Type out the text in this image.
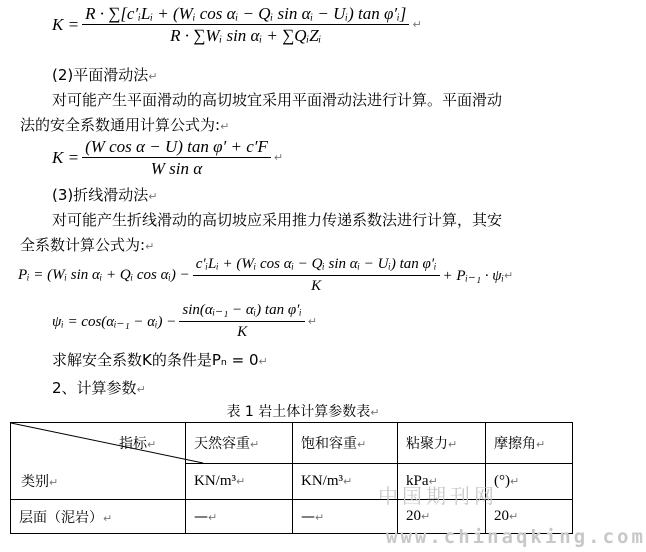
$K = \frac{\text{R · ∑[c′ᵢLᵢ + (Wᵢ cos αᵢ − Qᵢ sin αᵢ − Uᵢ) tan φ′ᵢ]}}{\text{R · ∑Wᵢ sin αᵢ + ∑QᵢZᵢ}}$ ↵
(2)平面滑动法↵
对可能产生平面滑动的高切坡宜采用平面滑动法进行计算。平面滑动
法的安全系数通用计算公式为:↵
$K = \frac{\text{(W cos α − U) tan φ′ + c′F}}{\text{W sin α}}$ ↵
(3)折线滑动法↵
对可能产生折线滑动的高切坡应采用推力传递系数法进行计算，其安
全系数计算公式为:↵
Pᵢ = (Wᵢ sin αᵢ + Qᵢ cos αᵢ) − $\frac{\text{c′ᵢLᵢ + (Wᵢ cos αᵢ − Qᵢ sin αᵢ − Uᵢ) tan φ′ᵢ}}{K}$ + Pᵢ₋₁ · ψᵢ ↵
ψᵢ = cos(αᵢ₋₁ − αᵢ) − $\frac{\text{sin(αᵢ₋₁ − αᵢ) tan φ′ᵢ}}{K}$ ↵
求解安全系数K的条件是Pₙ = 0↵
2、计算参数↵
表 1 岩土体计算参数表↵
指标↵
类别↵	天然容重↵	饱和容重↵	粘聚力↵	摩擦角↵
	KN/m³↵	KN/m³↵	kPa↵	(°)↵
层面（泥岩）↵	—↵	—↵	20↵	20↵
中国期刊网
www.chinaqking.com
